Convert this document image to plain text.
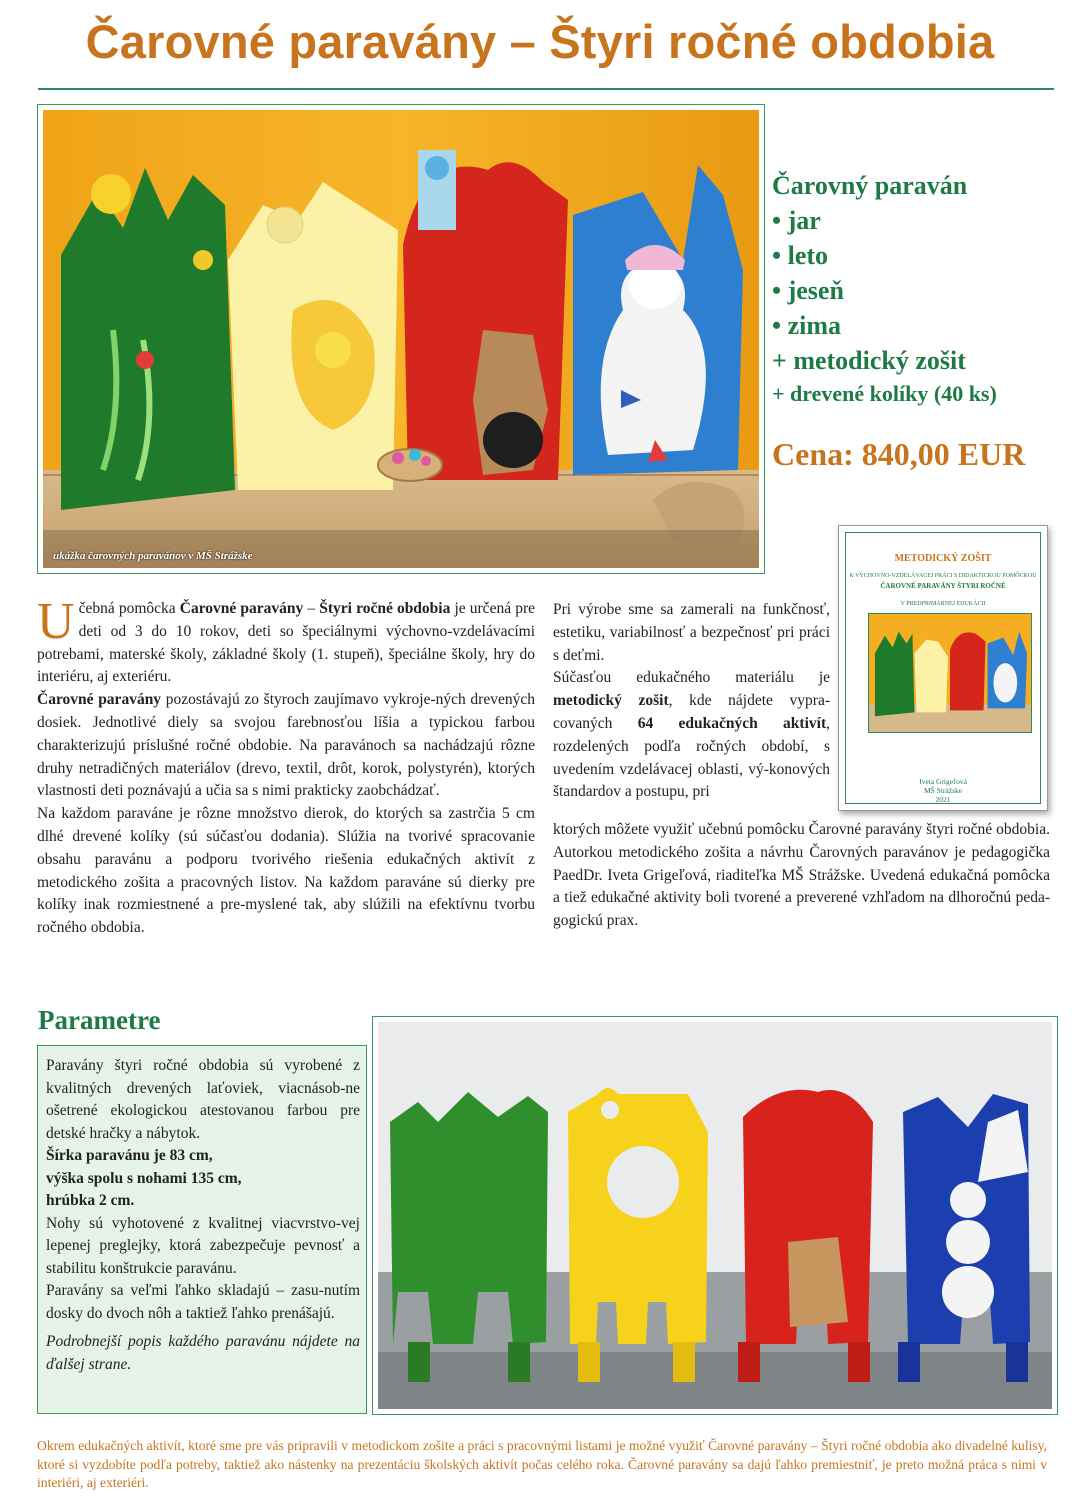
Čarovné paravány – Štyri ročné obdobia
ukážka čarovných paravánov v MŠ Strážske
Čarovný paraván
• jar
• leto
• jeseň
• zima
+ metodický zošit
+ drevené kolíky (40 ks)
Cena: 840,00 EUR
METODICKÝ ZOŠIT
K VÝCHOVNO-VZDELÁVACEJ PRÁCI S DIDAKTICKOU POMÔCKOU
ČAROVNÉ PARAVÁNY ŠTYRI ROČNÉ
V PREDPRIMÁRNEJ EDUKÁCII
Iveta Grigeľová
MŠ Strážske
2021

Učebná pomôcka Čarovné paravány – Štyri ročné obdobia je určená pre deti od 3 do 10 rokov, deti so špeciálnymi výchovno-vzdelávacími potrebami, materské školy, základné školy (1. stupeň), špeciálne školy, hry do interiéru, aj exteriéru.

Čarovné paravány pozostávajú zo štyroch zaujímavo vykroje-ných drevených dosiek. Jednotlivé diely sa svojou farebnosťou líšia a typickou farbou charakterizujú príslušné ročné obdobie. Na paravánoch sa nachádzajú rôzne druhy netradičných materiálov (drevo, textil, drôt, korok, polystyrén), ktorých vlastnosti deti poznávajú a učia sa s nimi prakticky zaobchádzať.

Na každom paraváne je rôzne množstvo dierok, do ktorých sa zastrčia 5 cm dlhé drevené kolíky (sú súčasťou dodania). Slúžia na tvorivé spracovanie obsahu paravánu a podporu tvorivého riešenia edukačných aktivít z metodického zošita a pracovných listov. Na každom paraváne sú dierky pre kolíky inak rozmiestnené a pre-myslené tak, aby slúžili na efektívnu tvorbu ročného obdobia.

Pri výrobe sme sa zamerali na funkčnosť, estetiku, variabilnosť a bezpečnosť pri práci s deťmi.

Súčasťou edukačného materiálu je metodický zošit, kde nájdete vypra-covaných 64 edukačných aktivít, rozdelených podľa ročných období, s uvedením vzdelávacej oblasti, vý-konových štandardov a postupu, pri

ktorých môžete využiť učebnú pomôcku Čarovné paravány štyri ročné obdobia. Autorkou metodického zošita a návrhu Čarovných paravánov je pedagogička PaedDr. Iveta Grigeľová, riaditeľka MŠ Strážske. Uvedená edukačná pomôcka a tiež edukačné aktivity boli tvorené a preverené vzhľadom na dlhoročnú peda-gogickú prax.

Parametre

Paravány štyri ročné obdobia sú vyrobené z kvalitných drevených laťoviek, viacnásob-ne ošetrené ekologickou atestovanou farbou pre detské hračky a nábytok.

Šírka paravánu je 83 cm,

výška spolu s nohami 135 cm,

hrúbka 2 cm.

Nohy sú vyhotovené z kvalitnej viacvrstvo-vej lepenej preglejky, ktorá zabezpečuje pevnosť a stabilitu konštrukcie paravánu.

Paravány sa veľmi ľahko skladajú – zasu-nutím dosky do dvoch nôh a taktiež ľahko prenášajú.

Podrobnejší popis každého paravánu nájdete na ďalšej strane.

Okrem edukačných aktivít, ktoré sme pre vás pripravili v metodickom zošite a práci s pracovnými listami je možné využiť Čarovné paravány – Štyri ročné obdobia ako divadelné kulisy, ktoré si vyzdobíte podľa potreby, taktiež ako nástenky na prezentáciu školských aktivít počas celého roka. Čarovné paravány sa dajú ľahko premiestniť, je preto možná práca s nimi v interiéri, aj exteriéri.
